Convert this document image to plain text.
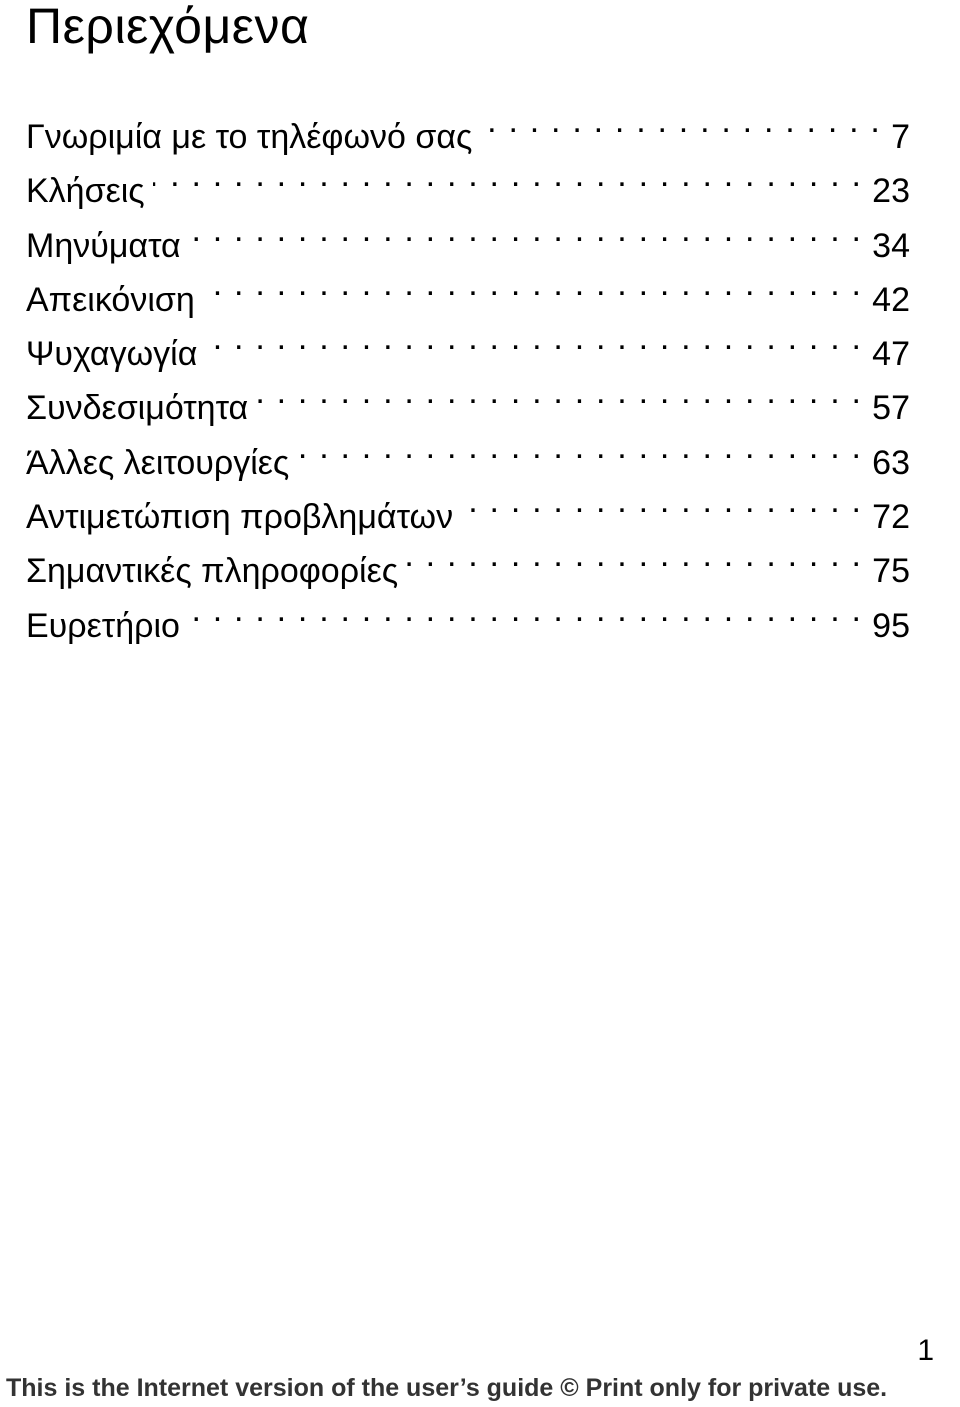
Περιεχόμενα
Γνωριμία με το τηλέφωνό σας . . .	7
Κλήσεις . . .	23
Μηνύματα . . .	34
Απεικόνιση . . .	42
Ψυχαγωγία . . .	47
Συνδεσιμότητα . . .	57
Άλλες λειτουργίες . . .	63
Αντιμετώπιση προβλημάτων . . .	72
Σημαντικές πληροφορίες . . .	75
Ευρετήριο . . .	95
1
This is the Internet version of the user’s guide © Print only for private use.
